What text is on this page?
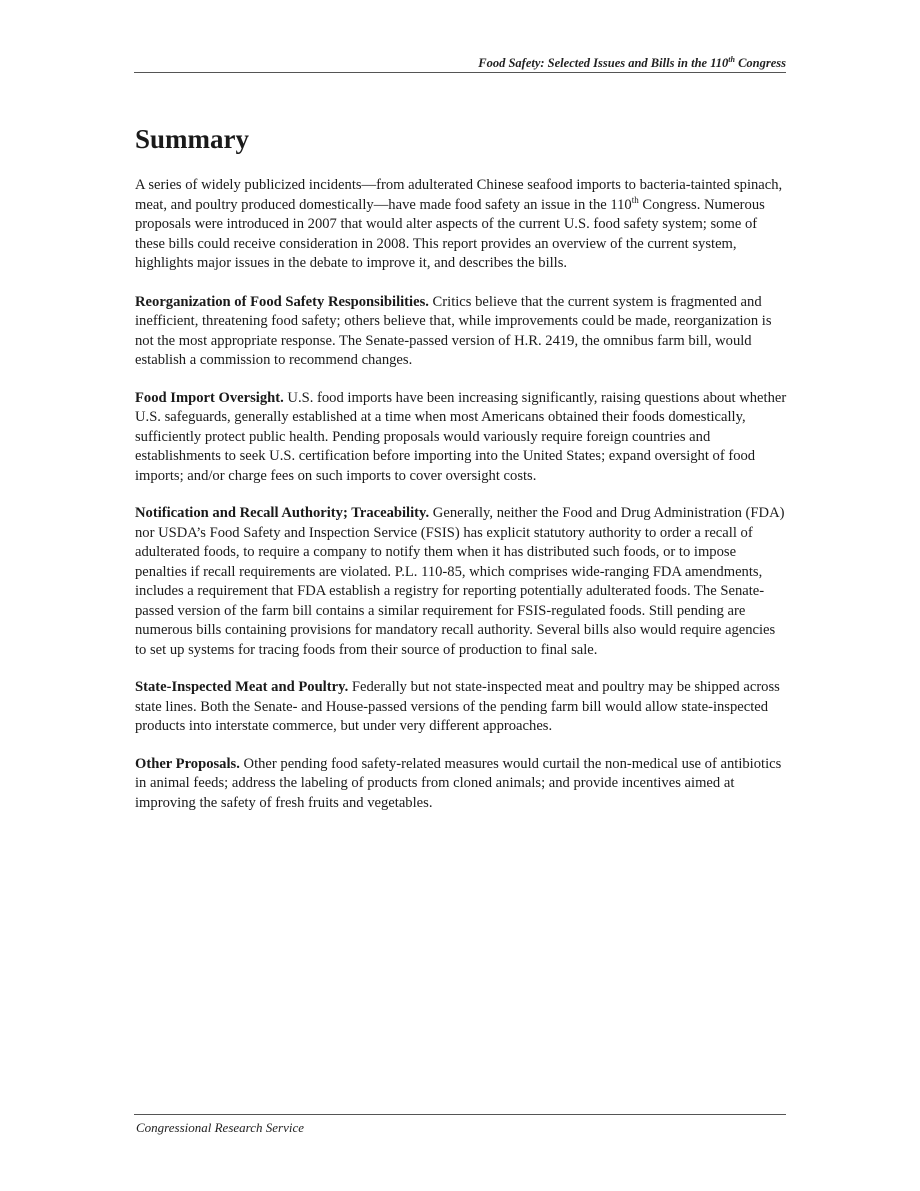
Food Safety: Selected Issues and Bills in the 110th Congress
Summary

A series of widely publicized incidents—from adulterated Chinese seafood imports to bacteria-tainted spinach, meat, and poultry produced domestically—have made food safety an issue in the 110th Congress. Numerous proposals were introduced in 2007 that would alter aspects of the current U.S. food safety system; some of these bills could receive consideration in 2008. This report provides an overview of the current system, highlights major issues in the debate to improve it, and describes the bills.

Reorganization of Food Safety Responsibilities. Critics believe that the current system is fragmented and inefficient, threatening food safety; others believe that, while improvements could be made, reorganization is not the most appropriate response. The Senate-passed version of H.R. 2419, the omnibus farm bill, would establish a commission to recommend changes.

Food Import Oversight. U.S. food imports have been increasing significantly, raising questions about whether U.S. safeguards, generally established at a time when most Americans obtained their foods domestically, sufficiently protect public health. Pending proposals would variously require foreign countries and establishments to seek U.S. certification before importing into the United States; expand oversight of food imports; and/or charge fees on such imports to cover oversight costs.

Notification and Recall Authority; Traceability. Generally, neither the Food and Drug Administration (FDA) nor USDA’s Food Safety and Inspection Service (FSIS) has explicit statutory authority to order a recall of adulterated foods, to require a company to notify them when it has distributed such foods, or to impose penalties if recall requirements are violated. P.L. 110-85, which comprises wide-ranging FDA amendments, includes a requirement that FDA establish a registry for reporting potentially adulterated foods. The Senate-passed version of the farm bill contains a similar requirement for FSIS-regulated foods. Still pending are numerous bills containing provisions for mandatory recall authority. Several bills also would require agencies to set up systems for tracing foods from their source of production to final sale.

State-Inspected Meat and Poultry. Federally but not state-inspected meat and poultry may be shipped across state lines. Both the Senate- and House-passed versions of the pending farm bill would allow state-inspected products into interstate commerce, but under very different approaches.

Other Proposals. Other pending food safety-related measures would curtail the non-medical use of antibiotics in animal feeds; address the labeling of products from cloned animals; and provide incentives aimed at improving the safety of fresh fruits and vegetables.

Congressional Research Service
